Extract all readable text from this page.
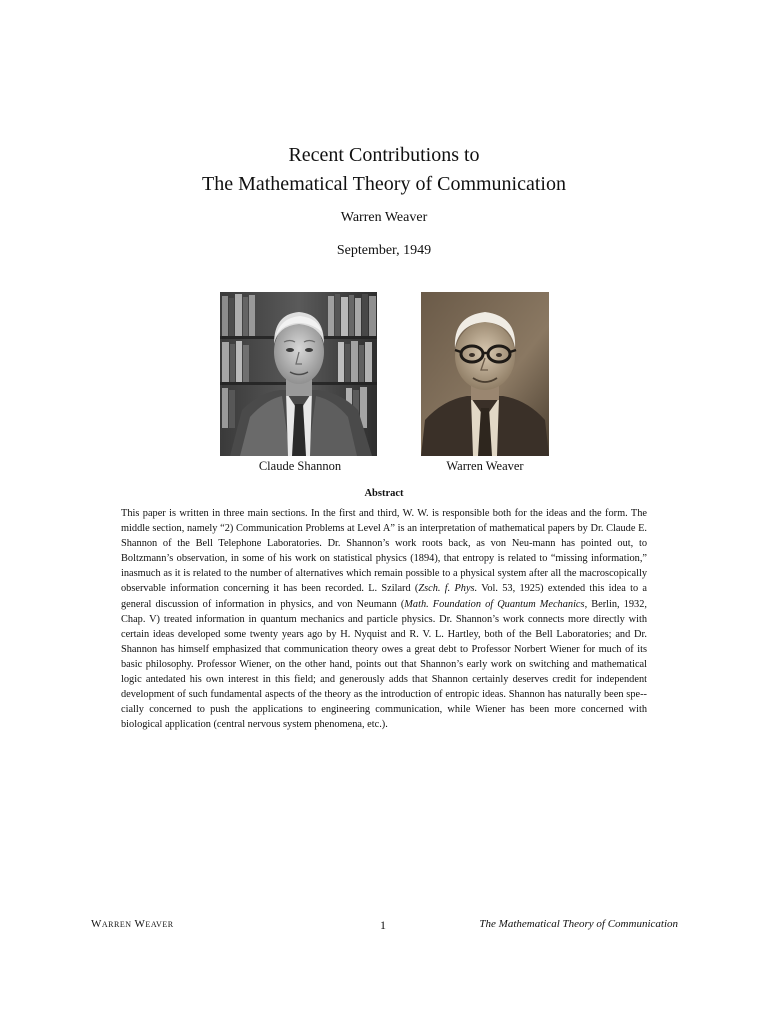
Recent Contributions to
The Mathematical Theory of Communication
Warren Weaver
September, 1949
Claude Shannon	Warren Weaver
Abstract
This paper is written in three main sections. In the first and third, W. W. is responsible both for the ideas and the form. The middle section, namely “2) Communication Problems at Level A” is an interpretation of mathematical papers by Dr. Claude E. Shannon of the Bell Telephone Laboratories. Dr. Shannon’s work roots back, as von Neu-mann has pointed out, to Boltzmann’s observation, in some of his work on statistical physics (1894), that entropy is related to “missing information,” inasmuch as it is related to the number of alternatives which remain possible to a physical system after all the macroscopically observable information concerning it has been recorded. L. Szilard (Zsch. f. Phys. Vol. 53, 1925) extended this idea to a general discussion of information in physics, and von Neumann (Math. Foundation of Quantum Mechanics, Berlin, 1932, Chap. V) treated information in quantum mechanics and particle physics. Dr. Shannon’s work connects more directly with certain ideas developed some twenty years ago by H. Nyquist and R. V. L. Hartley, both of the Bell Laboratories; and Dr. Shannon has himself emphasized that communication theory owes a great debt to Professor Norbert Wiener for much of its basic philosophy. Professor Wiener, on the other hand, points out that Shannon’s early work on switching and mathematical logic antedated his own interest in this field; and generously adds that Shannon certainly deserves credit for independent development of such fundamental aspects of the theory as the introduction of entropic ideas. Shannon has naturally been spe-cially concerned to push the applications to engineering communication, while Wiener has been more concerned with biological application (central nervous system phenomena, etc.).
Warren Weaver	1	The Mathematical Theory of Communication
